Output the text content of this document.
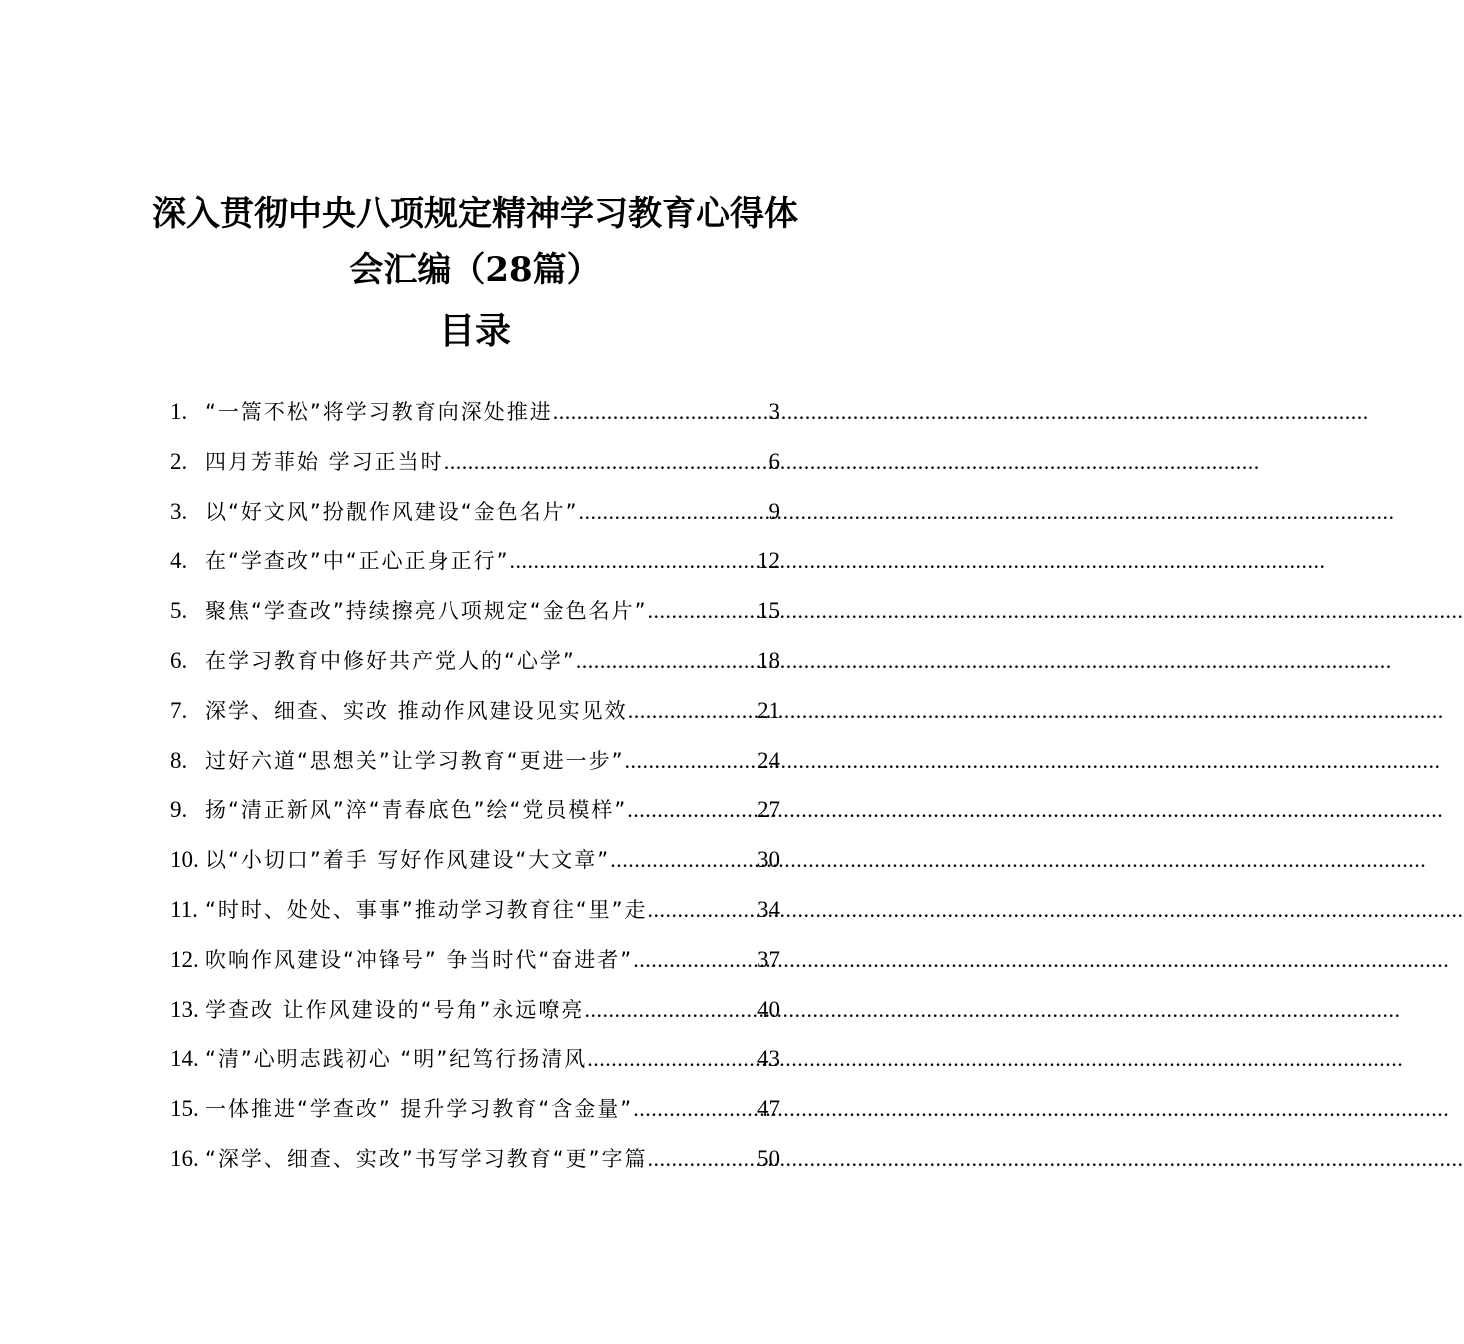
深入贯彻中央八项规定精神学习教育心得体
会汇编（28篇）
目录
1. “一篙不松”将学习教育向深处推进 .....	3
2. 四月芳菲始 学习正当时 .....	6
3. 以“好文风”扮靓作风建设“金色名片” .....	9
4. 在“学查改”中“正心正身正行” .....	12
5. 聚焦“学查改”持续擦亮八项规定“金色名片” .....	15
6. 在学习教育中修好共产党人的“心学” .....	18
7. 深学、细查、实改 推动作风建设见实见效 .....	21
8. 过好六道“思想关”让学习教育“更进一步” .....	24
9. 扬“清正新风”淬“青春底色”绘“党员模样” .....	27
10. 以“小切口”着手 写好作风建设“大文章” .....	30
11. “时时、处处、事事”推动学习教育往“里”走 .....	34
12. 吹响作风建设“冲锋号” 争当时代“奋进者” .....	37
13. 学查改 让作风建设的“号角”永远嘹亮 .....	40
14. “清”心明志践初心 “明”纪笃行扬清风 .....	43
15. 一体推进“学查改” 提升学习教育“含金量” .....	47
16. “深学、细查、实改”书写学习教育“更”字篇 .....	50
